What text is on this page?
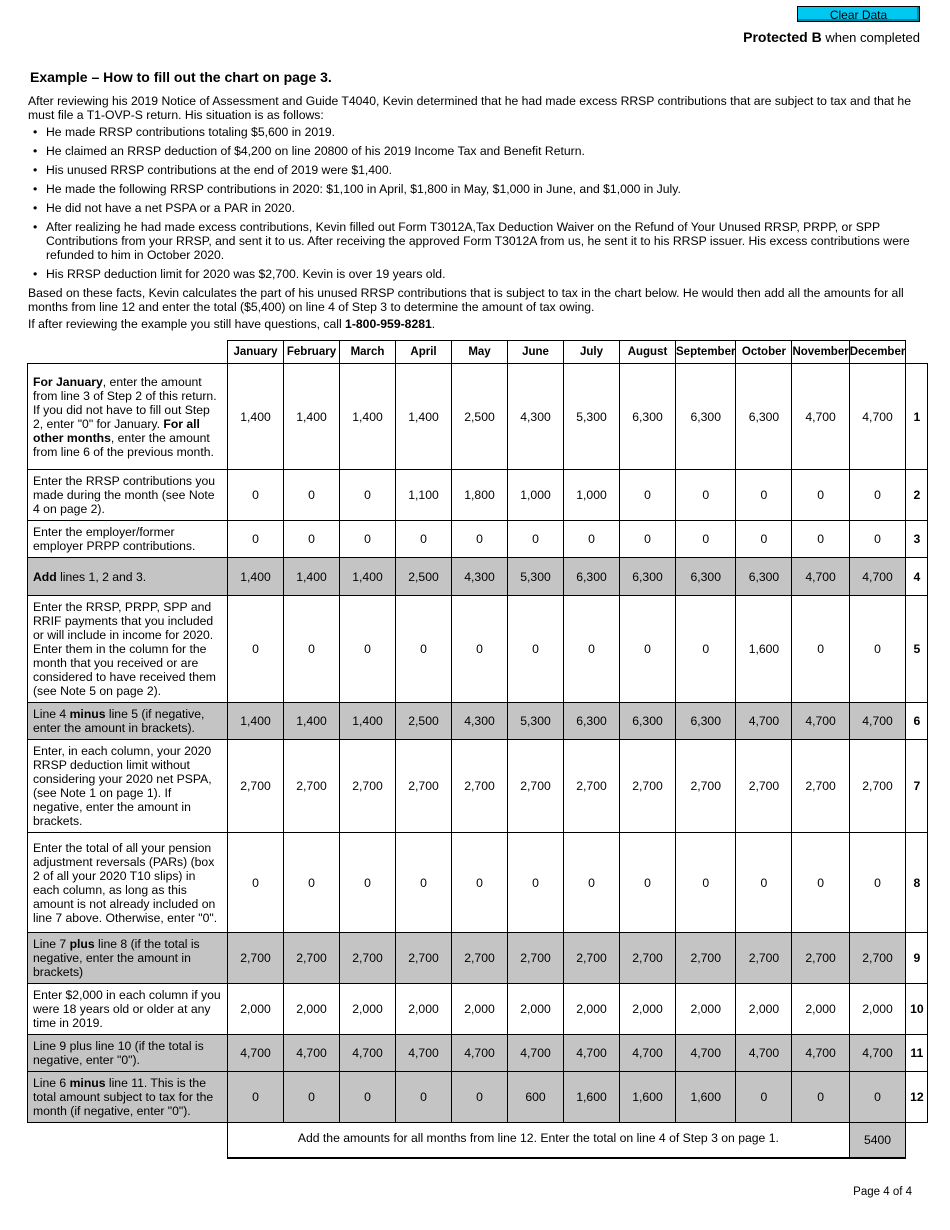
Clear Data
Protected B when completed
Example – How to fill out the chart on page 3.

After reviewing his 2019 Notice of Assessment and Guide T4040, Kevin determined that he had made excess RRSP contributions that are subject to tax and that he must file a T1-OVP-S return. His situation is as follows:

• He made RRSP contributions totaling $5,600 in 2019.
• He claimed an RRSP deduction of $4,200 on line 20800 of his 2019 Income Tax and Benefit Return.
• His unused RRSP contributions at the end of 2019 were $1,400.
• He made the following RRSP contributions in 2020: $1,100 in April, $1,800 in May, $1,000 in June, and $1,000 in July.
• He did not have a net PSPA or a PAR in 2020.
• After realizing he had made excess contributions, Kevin filled out Form T3012A,Tax Deduction Waiver on the Refund of Your Unused RRSP, PRPP, or SPP Contributions from your RRSP, and sent it to us. After receiving the approved Form T3012A from us, he sent it to his RRSP issuer. His excess contributions were refunded to him in October 2020.
• His RRSP deduction limit for 2020 was $2,700. Kevin is over 19 years old.

Based on these facts, Kevin calculates the part of his unused RRSP contributions that is subject to tax in the chart below. He would then add all the amounts for all months from line 12 and enter the total ($5,400) on line 4 of Step 3 to determine the amount of tax owing.

If after reviewing the example you still have questions, call 1-800-959-8281.

	January	February	March	April	May	June	July	August	September	October	November	December	
For January, enter the amount from line 3 of Step 2 of this return. If you did not have to fill out Step 2, enter "0" for January. For all other months, enter the amount from line 6 of the previous month.	1,400	1,400	1,400	1,400	2,500	4,300	5,300	6,300	6,300	6,300	4,700	4,700	1
Enter the RRSP contributions you made during the month (see Note 4 on page 2).	0	0	0	1,100	1,800	1,000	1,000	0	0	0	0	0	2
Enter the employer/former employer PRPP contributions.	0	0	0	0	0	0	0	0	0	0	0	0	3
Add lines 1, 2 and 3.	1,400	1,400	1,400	2,500	4,300	5,300	6,300	6,300	6,300	6,300	4,700	4,700	4
Enter the RRSP, PRPP, SPP and RRIF payments that you included or will include in income for 2020. Enter them in the column for the month that you received or are considered to have received them (see Note 5 on page 2).	0	0	0	0	0	0	0	0	0	1,600	0	0	5
Line 4 minus line 5 (if negative, enter the amount in brackets).	1,400	1,400	1,400	2,500	4,300	5,300	6,300	6,300	6,300	4,700	4,700	4,700	6
Enter, in each column, your 2020 RRSP deduction limit without considering your 2020 net PSPA, (see Note 1 on page 1). If negative, enter the amount in brackets.	2,700	2,700	2,700	2,700	2,700	2,700	2,700	2,700	2,700	2,700	2,700	2,700	7
Enter the total of all your pension adjustment reversals (PARs) (box 2 of all your 2020 T10 slips) in each column, as long as this amount is not already included on line 7 above. Otherwise, enter "0".	0	0	0	0	0	0	0	0	0	0	0	0	8
Line 7 plus line 8 (if the total is negative, enter the amount in brackets)	2,700	2,700	2,700	2,700	2,700	2,700	2,700	2,700	2,700	2,700	2,700	2,700	9
Enter $2,000 in each column if you were 18 years old or older at any time in 2019.	2,000	2,000	2,000	2,000	2,000	2,000	2,000	2,000	2,000	2,000	2,000	2,000	10
Line 9 plus line 10 (if the total is negative, enter "0").	4,700	4,700	4,700	4,700	4,700	4,700	4,700	4,700	4,700	4,700	4,700	4,700	11
Line 6 minus line 11. This is the total amount subject to tax for the month (if negative, enter "0").	0	0	0	0	0	600	1,600	1,600	1,600	0	0	0	12
	Add the amounts for all months from line 12. Enter the total on line 4 of Step 3 on page 1.											5400	
Page 4 of 4
